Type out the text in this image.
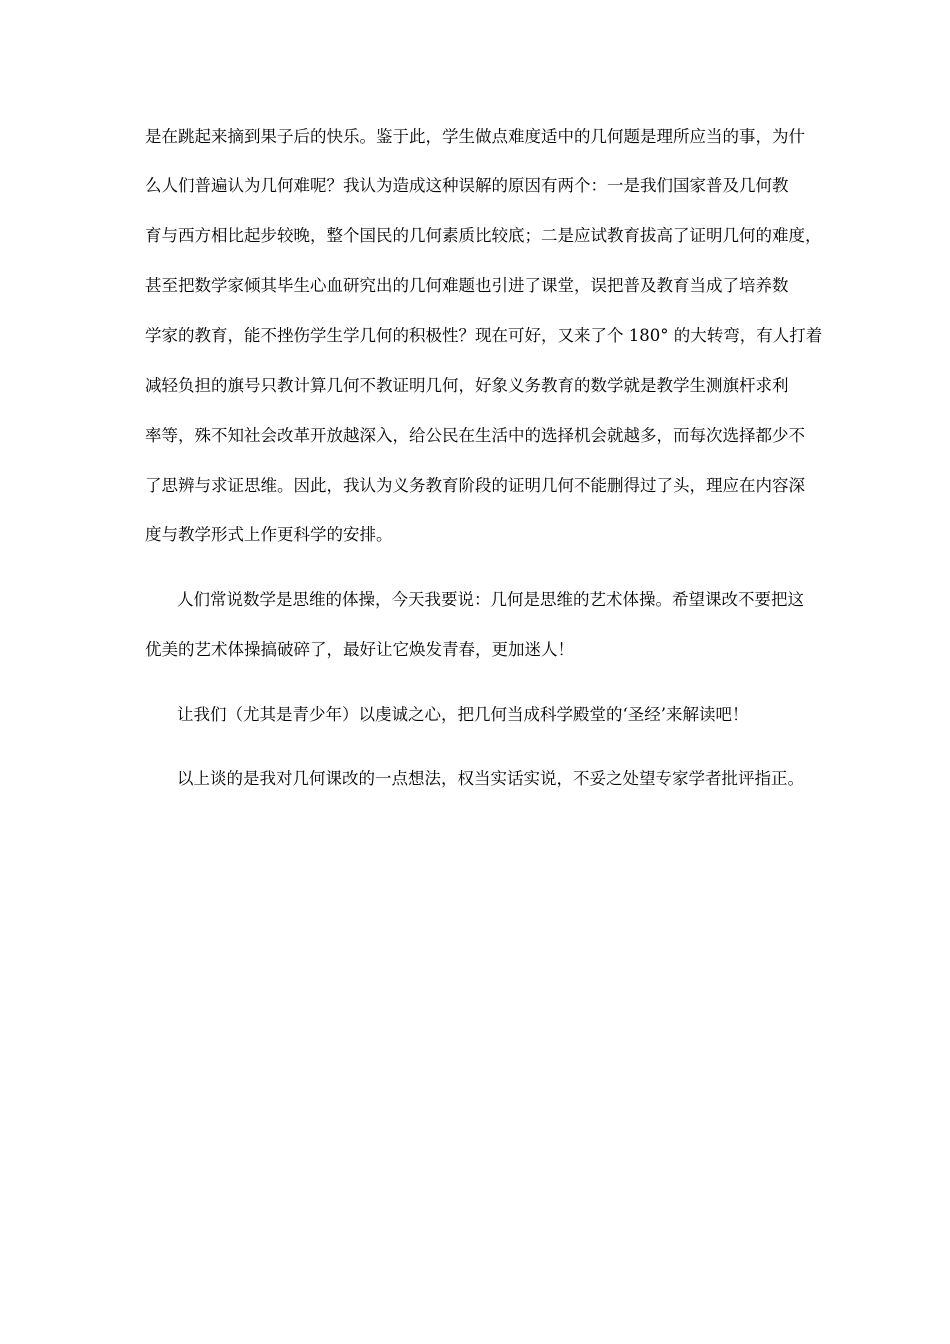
是在跳起来摘到果子后的快乐。鉴于此，学生做点难度适中的几何题是理所应当的事，为什
么人们普遍认为几何难呢？我认为造成这种误解的原因有两个：一是我们国家普及几何教
育与西方相比起步较晚，整个国民的几何素质比较底；二是应试教育拔高了证明几何的难度，
甚至把数学家倾其毕生心血研究出的几何难题也引进了课堂，误把普及教育当成了培养数
学家的教育，能不挫伤学生学几何的积极性？现在可好，又来了个 180° 的大转弯，有人打着
减轻负担的旗号只教计算几何不教证明几何，好象义务教育的数学就是教学生测旗杆求利
率等，殊不知社会改革开放越深入，给公民在生活中的选择机会就越多，而每次选择都少不
了思辨与求证思维。因此，我认为义务教育阶段的证明几何不能删得过了头，理应在内容深
度与教学形式上作更科学的安排。
人们常说数学是思维的体操，今天我要说：几何是思维的艺术体操。希望课改不要把这
优美的艺术体操搞破碎了，最好让它焕发青春，更加迷人！
让我们（尤其是青少年）以虔诚之心，把几何当成科学殿堂的‘圣经’来解读吧！
以上谈的是我对几何课改的一点想法，权当实话实说，不妥之处望专家学者批评指正。
